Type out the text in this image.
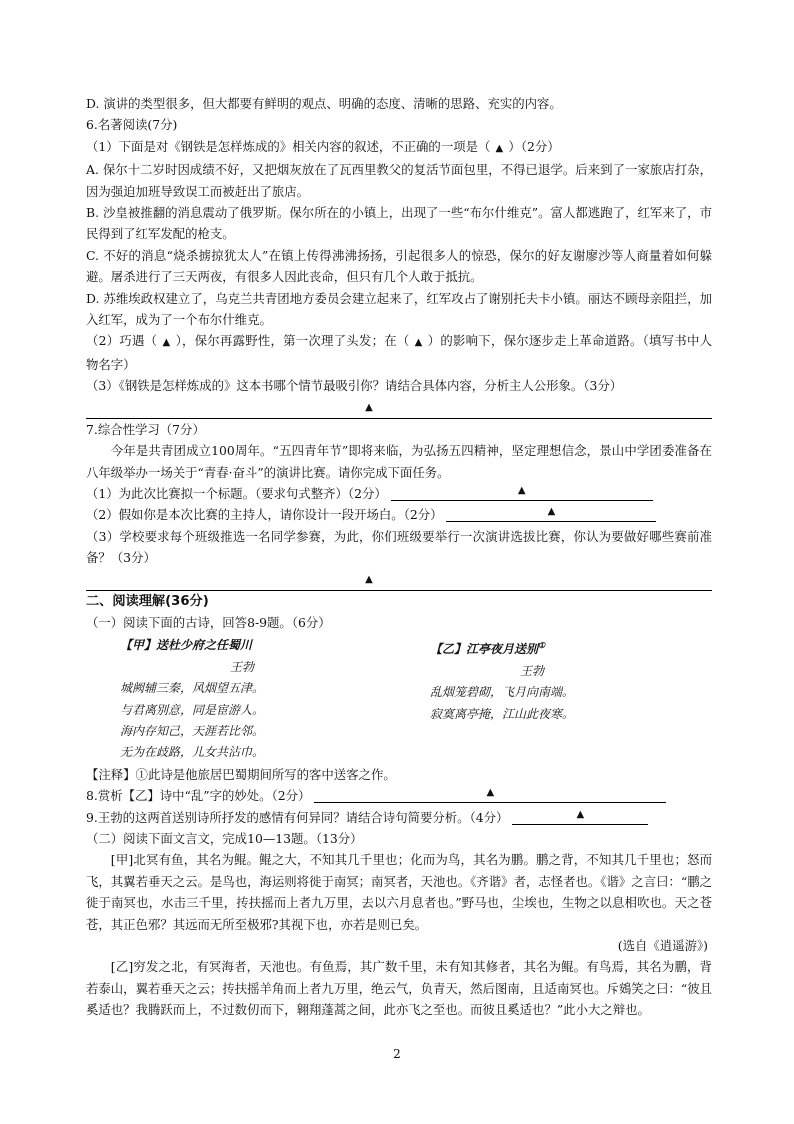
D. 演讲的类型很多，但大都要有鲜明的观点、明确的态度、清晰的思路、充实的内容。
6.名著阅读(7分)
（1）下面是对《钢铁是怎样炼成的》相关内容的叙述，不正确的一项是（ ▲ ）（2分）
A. 保尔十二岁时因成绩不好，又把烟灰放在了瓦西里教父的复活节面包里，不得已退学。后来到了一家旅店打杂，因为强迫加班导致误工而被赶出了旅店。
B. 沙皇被推翻的消息震动了俄罗斯。保尔所在的小镇上，出现了一些“布尔什维克”。富人都逃跑了，红军来了，市民得到了红军发配的枪支。
C. 不好的消息“烧杀掳掠犹太人”在镇上传得沸沸扬扬，引起很多人的惊恐，保尔的好友谢廖沙等人商量着如何躲避。屠杀进行了三天两夜，有很多人因此丧命，但只有几个人敢于抵抗。
D. 苏维埃政权建立了，乌克兰共青团地方委员会建立起来了，红军攻占了谢别托夫卡小镇。丽达不顾母亲阻拦，加入红军，成为了一个布尔什维克。
（2）巧遇（ ▲ ），保尔再露野性，第一次理了头发；在（ ▲ ）的影响下，保尔逐步走上革命道路。（填写书中人物名字）
（3）《钢铁是怎样炼成的》这本书哪个情节最吸引你？请结合具体内容，分析主人公形象。（3分）
▲
7.综合性学习（7分）
今年是共青团成立100周年。“五四青年节”即将来临，为弘扬五四精神，坚定理想信念，景山中学团委准备在八年级举办一场关于“青春·奋斗”的演讲比赛。请你完成下面任务。
（1）为此次比赛拟一个标题。（要求句式整齐）（2分）	▲
（2）假如你是本次比赛的主持人，请你设计一段开场白。（2分）	▲
（3）学校要求每个班级推选一名同学参赛，为此，你们班级要举行一次演讲选拔比赛，你认为要做好哪些赛前准备？（3分）
▲
二、阅读理解(36分)
（一）阅读下面的古诗，回答8-9题。（6分）
【甲】送杜少府之任蜀川
王勃
城阙辅三秦，风烟望五津。
与君离别意，同是宦游人。
海内存知己，天涯若比邻。
无为在歧路，儿女共沾巾。
【乙】江亭夜月送别①
王勃
乱烟笼碧砌，飞月向南端。
寂寞离亭掩，江山此夜寒。
【注释】①此诗是他旅居巴蜀期间所写的客中送客之作。
8.赏析【乙】诗中“乱”字的妙处。（2分）	▲
9.王勃的这两首送别诗所抒发的感情有何异同？请结合诗句简要分析。（4分）	▲
（二）阅读下面文言文，完成10—13题。（13分）
[甲]北冥有鱼，其名为鲲。鲲之大，不知其几千里也；化而为鸟，其名为鹏。鹏之背，不知其几千里也；怒而飞，其翼若垂天之云。是鸟也，海运则将徙于南冥；南冥者，天池也。《齐谐》者，志怪者也。《谐》之言曰：“鹏之徙于南冥也，水击三千里，抟扶摇而上者九万里，去以六月息者也。”野马也，尘埃也，生物之以息相吹也。天之苍苍，其正色邪？其远而无所至极邪?其视下也，亦若是则已矣。
(选自《逍遥游》)
[乙]穷发之北，有冥海者，天池也。有鱼焉，其广数千里，未有知其修者，其名为鲲。有鸟焉，其名为鹏，背若泰山，翼若垂天之云；抟扶摇羊角而上者九万里，绝云气，负青天，然后图南，且适南冥也。斥鴳笑之曰：“彼且奚适也？我腾跃而上，不过数仞而下，翱翔蓬蒿之间，此亦飞之至也。而彼且奚适也？”此小大之辩也。
2
